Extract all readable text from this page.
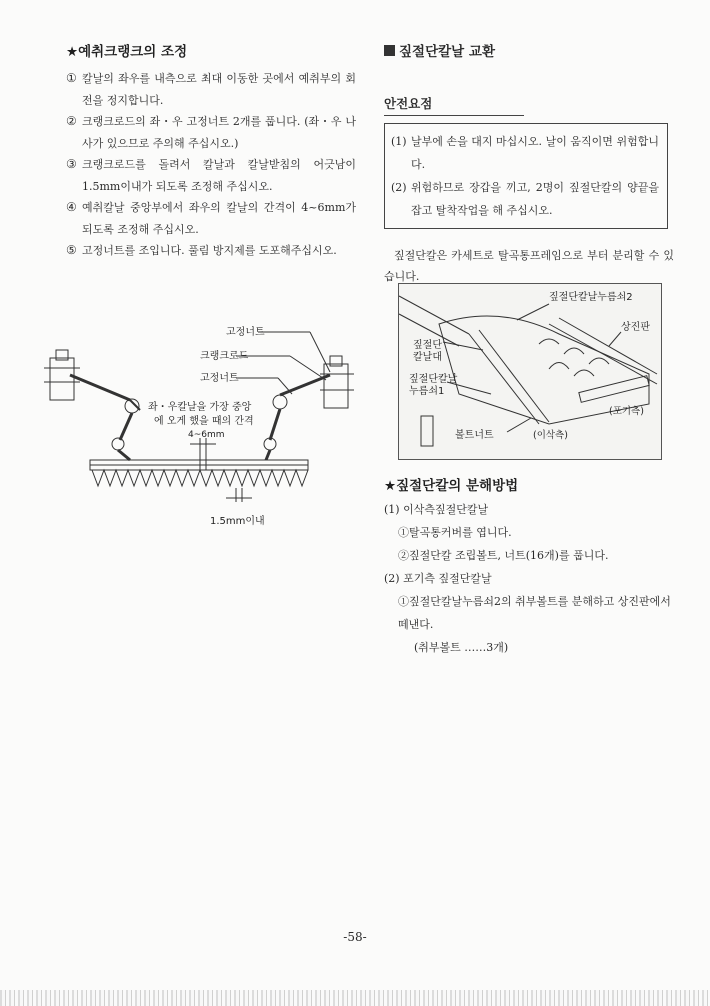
★예취크랭크의 조정
① 칼날의 좌우를 내측으로 최대 이동한 곳에서 예취부의 회전을 정지합니다.
② 크랭크로드의 좌・우 고정너트 2개를 풉니다. (좌・우 나사가 있으므로 주의해 주십시오.)
③ 크랭크로드를 돌려서 칼날과 칼날받침의 어긋남이 1.5mm이내가 되도록 조정해 주십시오.
④ 예취칼날 중앙부에서 좌우의 칼날의 간격이 4~6mm가 되도록 조정해 주십시오.
⑤ 고정너트를 조입니다. 풀림 방지제를 도포해주십시오.
고정너트
크랭크로드
고정너트
좌・우칼날을 가장 중앙
에 오게 했을 때의 간격
4~6mm
1.5mm이내
짚절단칼날 교환
안전요점
(1) 날부에 손을 대지 마십시오. 날이 움직이면 위험합니다.
(2) 위험하므로 장갑을 끼고, 2명이 짚절단칼의 양끝을 잡고 탈착작업을 해 주십시오.
짚절단칼은 카세트로 탈곡통프레임으로 부터 분리할 수 있습니다.
짚절단칼날누름쇠2
상진판
짚절단
칼날대
짚절단칼날
누름쇠1
(포기측)
볼트너트	(이삭측)
★짚절단칼의 분해방법
(1) 이삭측짚절단칼날
①탈곡통커버를 엽니다.
②짚절단칼 조립볼트, 너트(16개)를 풉니다.
(2) 포기측 짚절단칼날
①짚절단칼날누름쇠2의 취부볼트를 분해하고 상진판에서 떼낸다.
(취부볼트 ……3개)
-58-
